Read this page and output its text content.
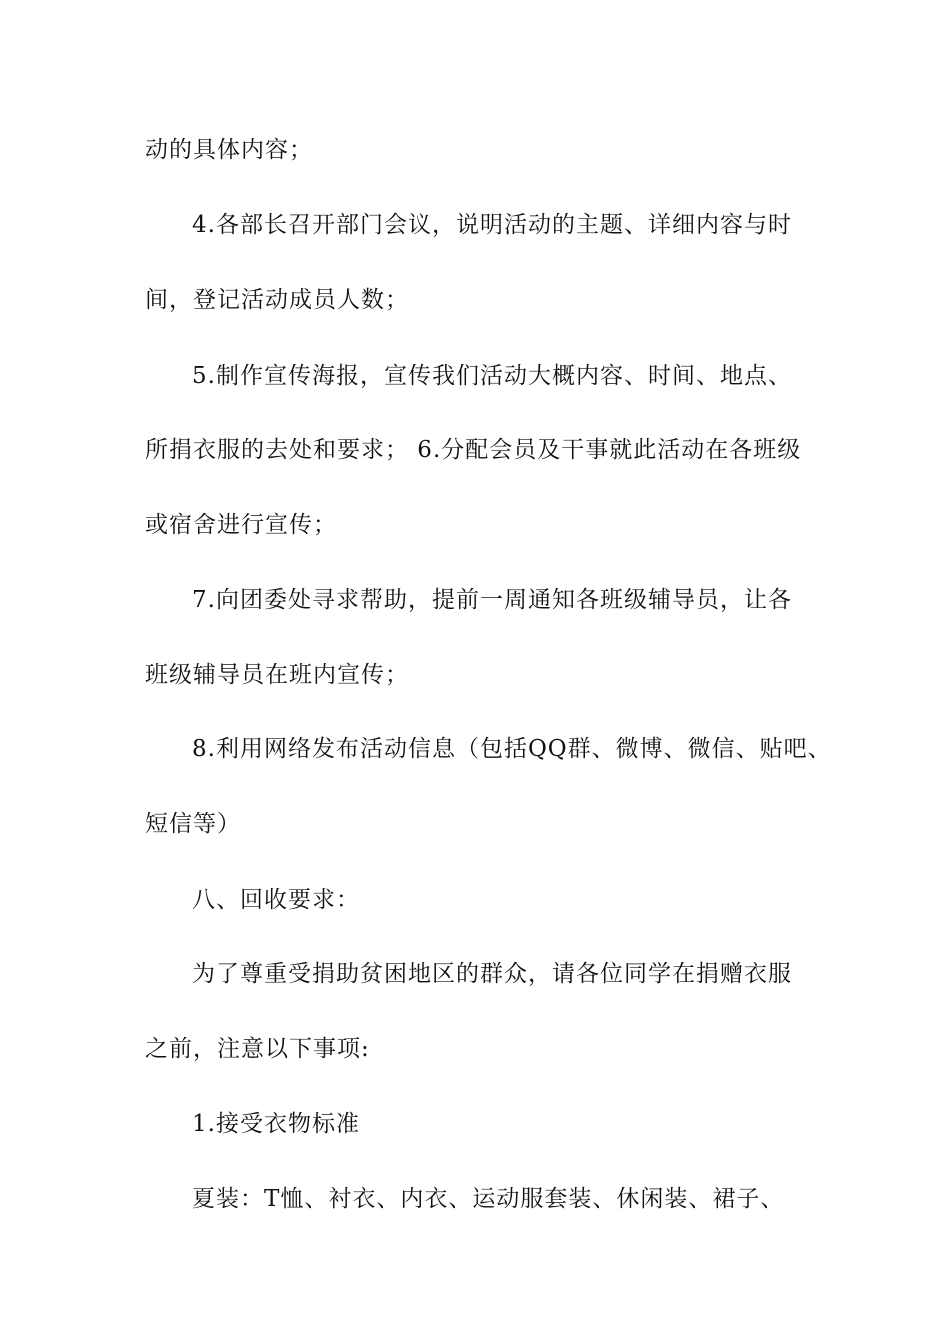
动的具体内容；
4.各部长召开部门会议，说明活动的主题、详细内容与时
间，登记活动成员人数；
5.制作宣传海报，宣传我们活动大概内容、时间、地点、
所捐衣服的去处和要求； 6.分配会员及干事就此活动在各班级
或宿舍进行宣传；
7.向团委处寻求帮助，提前一周通知各班级辅导员，让各
班级辅导员在班内宣传；
8.利用网络发布活动信息（包括QQ群、微博、微信、贴吧、
短信等）
八、回收要求：
为了尊重受捐助贫困地区的群众，请各位同学在捐赠衣服
之前，注意以下事项:
1.接受衣物标准
夏装：T恤、衬衣、内衣、运动服套装、休闲装、裙子、
